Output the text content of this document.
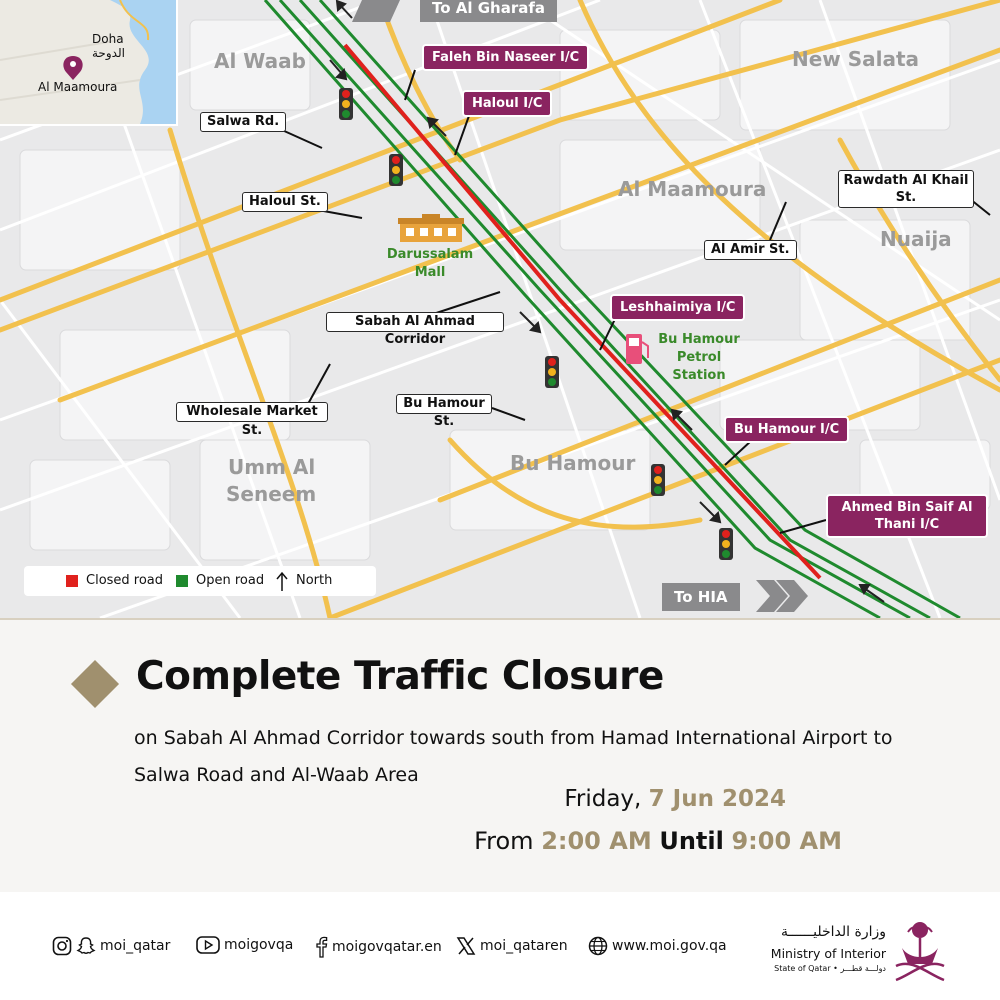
Doha
الدوحة
Al Maamoura
Al Waab	New Salata
Al Maamoura
Nuaija
Umm Al
Seneem
Bu Hamour
Salwa Rd.
Haloul St.
Rawdath Al Khail
St.
Al Amir St.
Sabah Al Ahmad
Corridor
Wholesale Market
St.
Bu Hamour
St.
Faleh Bin Naseer I/C
Haloul I/C
Leshhaimiya I/C
Bu Hamour I/C
Ahmed Bin Saif Al
Thani I/C
Darussalam
Mall
Bu Hamour
Petrol
Station
To Al Gharafa
To HIA
Closed road	Open road North
Complete Traffic Closure
on Sabah Al Ahmad Corridor towards south from Hamad International Airport to Salwa Road and Al-Waab Area
Friday, 7 Jun 2024
From 2:00 AM Until 9:00 AM
moi_qatar	moigovqa	moigovqatar.en	moi_qataren	www.moi.gov.qa
وزارة الداخليــــــة
Ministry of Interior
State of Qatar • دولـــة قطـــر
